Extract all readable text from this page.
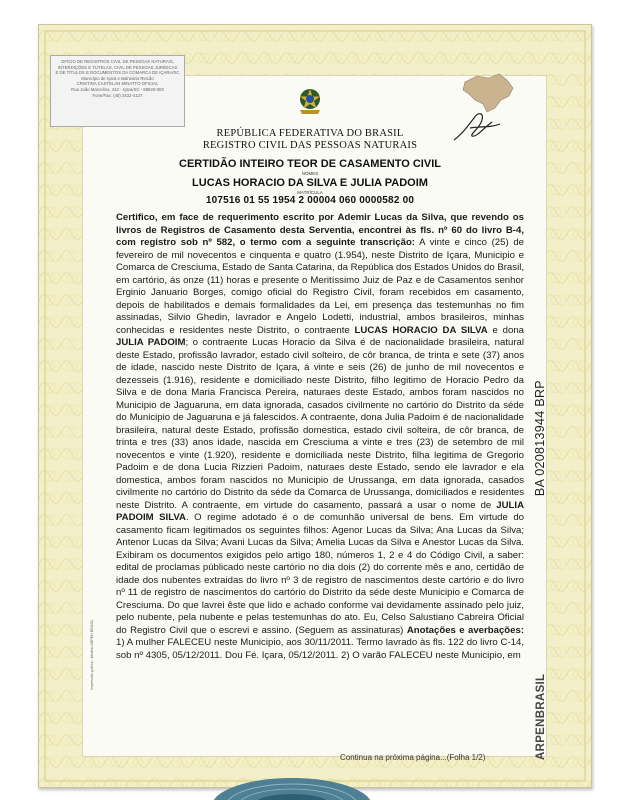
OFÍCIO DE REGISTROS CIVIL DE PESSOAS NATURAIS,
INTERDIÇÕES E TUTELAS, CIVIL DE PESSOAS JURÍDICAS
E DE TÍTULOS E DOCUMENTOS DA COMARCA DE IÇARA/SC
Município de Içara e Balneário Rincão
CRISTINA CASTELAN MINATTO OFICIAL
Rua João Marcelino, 412 - Içara/SC - 88820-000
Fone/Fax: (48) 3432-4137
REPÚBLICA FEDERATIVA DO BRASIL
REGISTRO CIVIL DAS PESSOAS NATURAIS
CERTIDÃO INTEIRO TEOR DE CASAMENTO CIVIL
NOMES
LUCAS HORACIO DA SILVA E JULIA PADOIM
MATRÍCULA
107516 01 55 1954 2 00004 060 0000582 00

Certifico, em face de requerimento escrito por Ademir Lucas da Silva, que revendo os livros de Registros de Casamento desta Serventia, encontrei às fls. nº 60 do livro B-4, com registro sob nº 582, o termo com a seguinte transcrição: A vinte e cinco (25) de fevereiro de mil novecentos e cinquenta e quatro (1.954), neste Distrito de Içara, Municipio e Comarca de Cresciuma, Estado de Santa Catarina, da República dos Estados Unidos do Brasil, em cartório, ás onze (11) horas e presente o Meritíssimo Juiz de Paz e de Casamentos senhor Erginio Januario Borges, comigo oficial do Registro Civil, foram recebidos em casamento, depois de habilitados e demais formalidades da Lei, em presença das testemunhas no fim assinadas, Silvio Ghedin, lavrador e Angelo Lodetti, industrial, ambos brasileiros, minhas conhecidas e residentes neste Distrito, o contraente LUCAS HORACIO DA SILVA e dona JULIA PADOIM; o contraente Lucas Horacio da Silva é de nacionalidade brasileira, natural deste Estado, profissão lavrador, estado civil solteiro, de côr branca, de trinta e sete (37) anos de idade, nascido neste Distrito de Içara, á vinte e seis (26) de junho de mil novecentos e dezesseis (1.916), residente e domiciliado neste Distrito, filho legitimo de Horacio Pedro da Silva e de dona Maria Francisca Pereira, naturaes deste Estado, ambos foram nascidos no Municipio de Jaguaruna, em data ignorada, casados civilmente no cartório do Distrito da séde do Municipio de Jaguaruna e já falescidos. A contraente, dona Julia Padoim é de nacionalidade brasileira, natural deste Estado, profissão domestica, estado civil solteira, de côr branca, de trinta e tres (33) anos idade, nascida em Cresciuma a vinte e tres (23) de setembro de mil novecentos e vinte (1.920), residente e domiciliada neste Distrito, filha legitima de Gregorio Padoim e de dona Lucia Rizzieri Padoim, naturaes deste Estado, sendo ele lavrador e ela domestica, ambos foram nascidos no Municipio de Urussanga, em data ignorada, casados civilmente no cartório do Distrito da séde da Comarca de Urussanga, domiciliados e residentes neste Distrito. A contraente, em virtude do casamento, passará a usar o nome de JULIA PADOIM SILVA. O regime adotado é o de comunhão universal de bens. Em virtude do casamento ficam legitimados os seguintes filhos: Agenor Lucas da Silva; Ana Lucas da Silva; Antenor Lucas da Silva; Avani Lucas da Silva; Amelia Lucas da Silva e Anestor Lucas da Silva. Exibiram os documentos exigidos pelo artigo 180, números 1, 2 e 4 do Código Civil, a saber: edital de proclamas públicado neste cartório no dia dois (2) do corrente mês e ano, certidão de idade dos nubentes extraidas do livro nº 3 de registro de nascimentos deste cartório e do livro nº 11 de registro de nascimentos do cartório do Distrito da séde deste Municipio e Comarca de Cresciuma. Do que lavrei êste que lido e achado conforme vai devidamente assinado pelo juiz, pelo nubente, pela nubente e pelas testemunhas do ato. Eu, Celso Salustiano Cabreira Oficial do Registro Civil que o escrevi e assino. (Seguem as assinaturas) Anotações e averbações: 1) A mulher FALECEU neste Municipio, aos 30/11/2011. Termo lavrado às fls. 122 do livro C-14, sob nº 4305, 05/12/2011. Dou Fé. Içara, 05/12/2011. 2) O varão FALECEU neste Municipio, em

Continua na próxima página...(Folha 1/2)	ARPENBRASIL  BA 020813944 BRP
Impressão gráfica - Modelo ARPEN BRASIL
